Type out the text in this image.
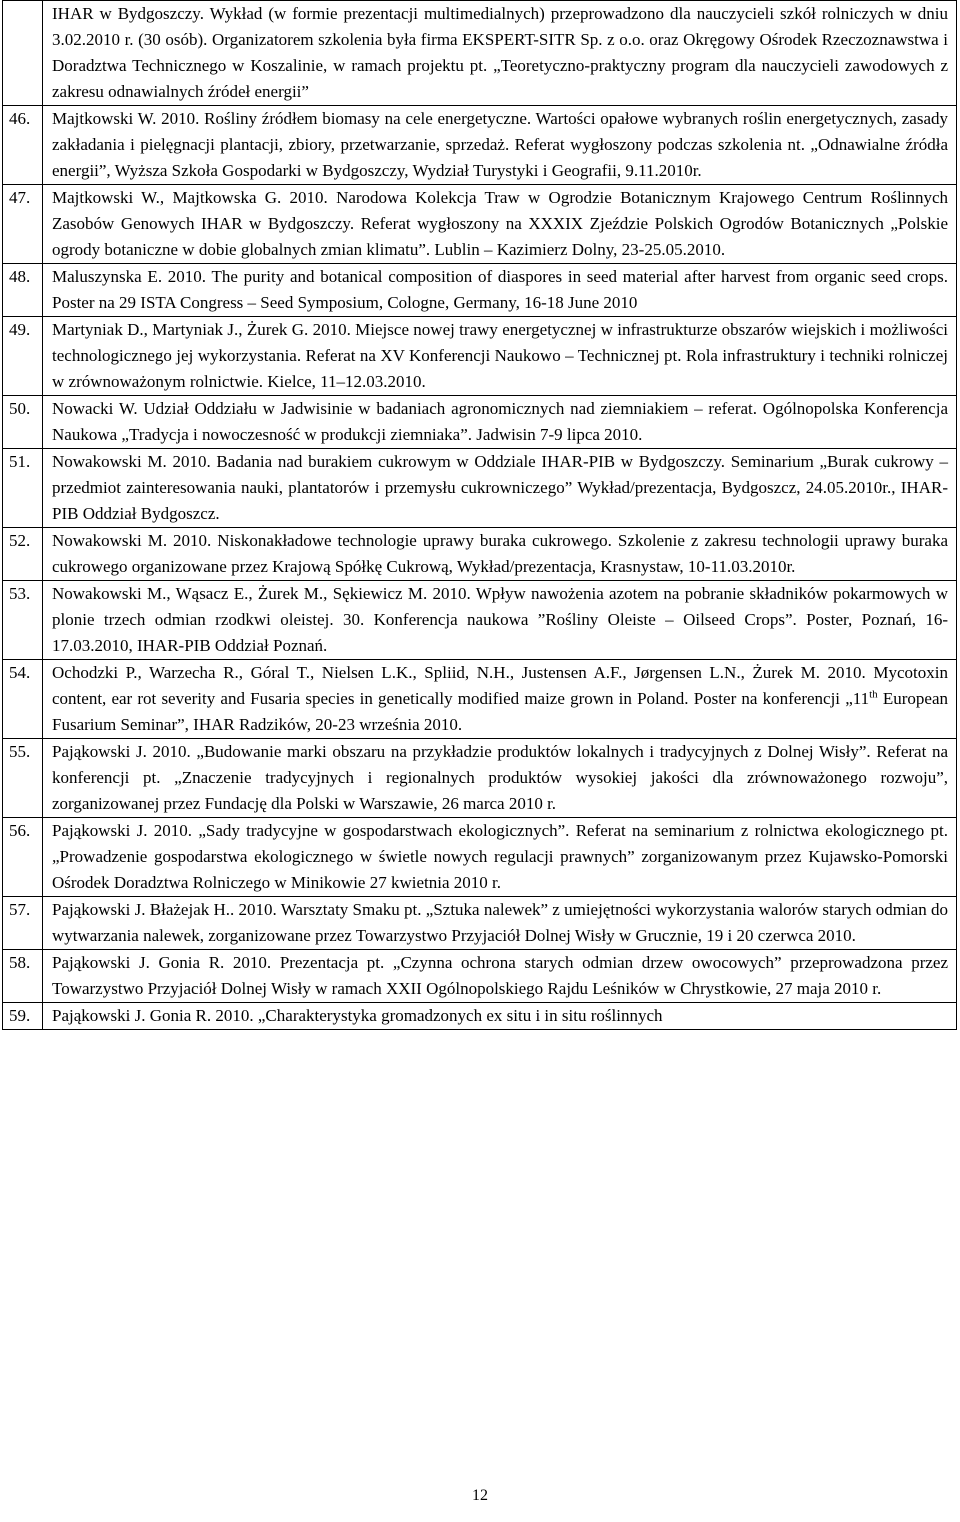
	IHAR w Bydgoszczy. Wykład (w formie prezentacji multimedialnych) przeprowadzono dla nauczycieli szkół rolniczych w dniu 3.02.2010 r. (30 osób). Organizatorem szkolenia była firma EKSPERT-SITR Sp. z o.o. oraz Okręgowy Ośrodek Rzeczoznawstwa i Doradztwa Technicznego w Koszalinie, w ramach projektu pt. „Teoretyczno-praktyczny program dla nauczycieli zawodowych z zakresu odnawialnych źródeł energii”
46.	Majtkowski W. 2010. Rośliny źródłem biomasy na cele energetyczne. Wartości opałowe wybranych roślin energetycznych, zasady zakładania i pielęgnacji plantacji, zbiory, przetwarzanie, sprzedaż. Referat wygłoszony podczas szkolenia nt. „Odnawialne źródła energii”, Wyższa Szkoła Gospodarki w Bydgoszczy, Wydział Turystyki i Geografii, 9.11.2010r.
47.	Majtkowski W., Majtkowska G. 2010. Narodowa Kolekcja Traw w Ogrodzie Botanicznym Krajowego Centrum Roślinnych Zasobów Genowych IHAR w Bydgoszczy. Referat wygłoszony na XXXIX Zjeździe Polskich Ogrodów Botanicznych „Polskie ogrody botaniczne w dobie globalnych zmian klimatu”. Lublin – Kazimierz Dolny, 23-25.05.2010.
48.	Maluszynska E. 2010. The purity and botanical composition of diaspores in seed material after harvest from organic seed crops. Poster na 29 ISTA Congress – Seed Symposium, Cologne, Germany, 16-18 June 2010
49.	Martyniak D., Martyniak J., Żurek G. 2010. Miejsce nowej trawy energetycznej w infrastrukturze obszarów wiejskich i możliwości technologicznego jej wykorzystania. Referat na XV Konferencji Naukowo – Technicznej pt. Rola infrastruktury i techniki rolniczej w zrównoważonym rolnictwie. Kielce, 11–12.03.2010.
50.	Nowacki W. Udział Oddziału w Jadwisinie w badaniach agronomicznych nad ziemniakiem – referat. Ogólnopolska Konferencja Naukowa „Tradycja i nowoczesność w produkcji ziemniaka”. Jadwisin 7-9 lipca 2010.
51.	Nowakowski M. 2010. Badania nad burakiem cukrowym w Oddziale IHAR-PIB w Bydgoszczy. Seminarium „Burak cukrowy – przedmiot zainteresowania nauki, plantatorów i przemysłu cukrowniczego” Wykład/prezentacja, Bydgoszcz, 24.05.2010r., IHAR-PIB Oddział Bydgoszcz.
52.	Nowakowski M. 2010. Niskonakładowe technologie uprawy buraka cukrowego. Szkolenie z zakresu technologii uprawy buraka cukrowego organizowane przez Krajową Spółkę Cukrową, Wykład/prezentacja, Krasnystaw, 10-11.03.2010r.
53.	Nowakowski M., Wąsacz E., Żurek M., Sękiewicz M. 2010. Wpływ nawożenia azotem na pobranie składników pokarmowych w plonie trzech odmian rzodkwi oleistej. 30. Konferencja naukowa ”Rośliny Oleiste – Oilseed Crops”. Poster, Poznań, 16-17.03.2010, IHAR-PIB Oddział Poznań.
54.	Ochodzki P., Warzecha R., Góral T., Nielsen L.K., Spliid, N.H., Justensen A.F., Jørgensen L.N., Żurek M. 2010. Mycotoxin content, ear rot severity and Fusaria species in genetically modified maize grown in Poland. Poster na konferencji „11th European Fusarium Seminar”, IHAR Radzików, 20-23 września 2010.
55.	Pająkowski J. 2010. „Budowanie marki obszaru na przykładzie produktów lokalnych i tradycyjnych z Dolnej Wisły”. Referat na konferencji pt. „Znaczenie tradycyjnych i regionalnych produktów wysokiej jakości dla zrównoważonego rozwoju”, zorganizowanej przez Fundację dla Polski w Warszawie, 26 marca 2010 r.
56.	Pająkowski J. 2010. „Sady tradycyjne w gospodarstwach ekologicznych”. Referat na seminarium z rolnictwa ekologicznego pt. „Prowadzenie gospodarstwa ekologicznego w świetle nowych regulacji prawnych” zorganizowanym przez Kujawsko-Pomorski Ośrodek Doradztwa Rolniczego w Minikowie 27 kwietnia 2010 r.
57.	Pająkowski J. Błażejak H.. 2010. Warsztaty Smaku pt. „Sztuka nalewek” z umiejętności wykorzystania walorów starych odmian do wytwarzania nalewek, zorganizowane przez Towarzystwo Przyjaciół Dolnej Wisły w Grucznie, 19 i 20 czerwca 2010.
58.	Pająkowski J. Gonia R. 2010. Prezentacja pt. „Czynna ochrona starych odmian drzew owocowych” przeprowadzona przez Towarzystwo Przyjaciół Dolnej Wisły w ramach XXII Ogólnopolskiego Rajdu Leśników w Chrystkowie, 27 maja 2010 r.
59.	Pająkowski J. Gonia R. 2010. „Charakterystyka gromadzonych ex situ i in situ roślinnych
12
